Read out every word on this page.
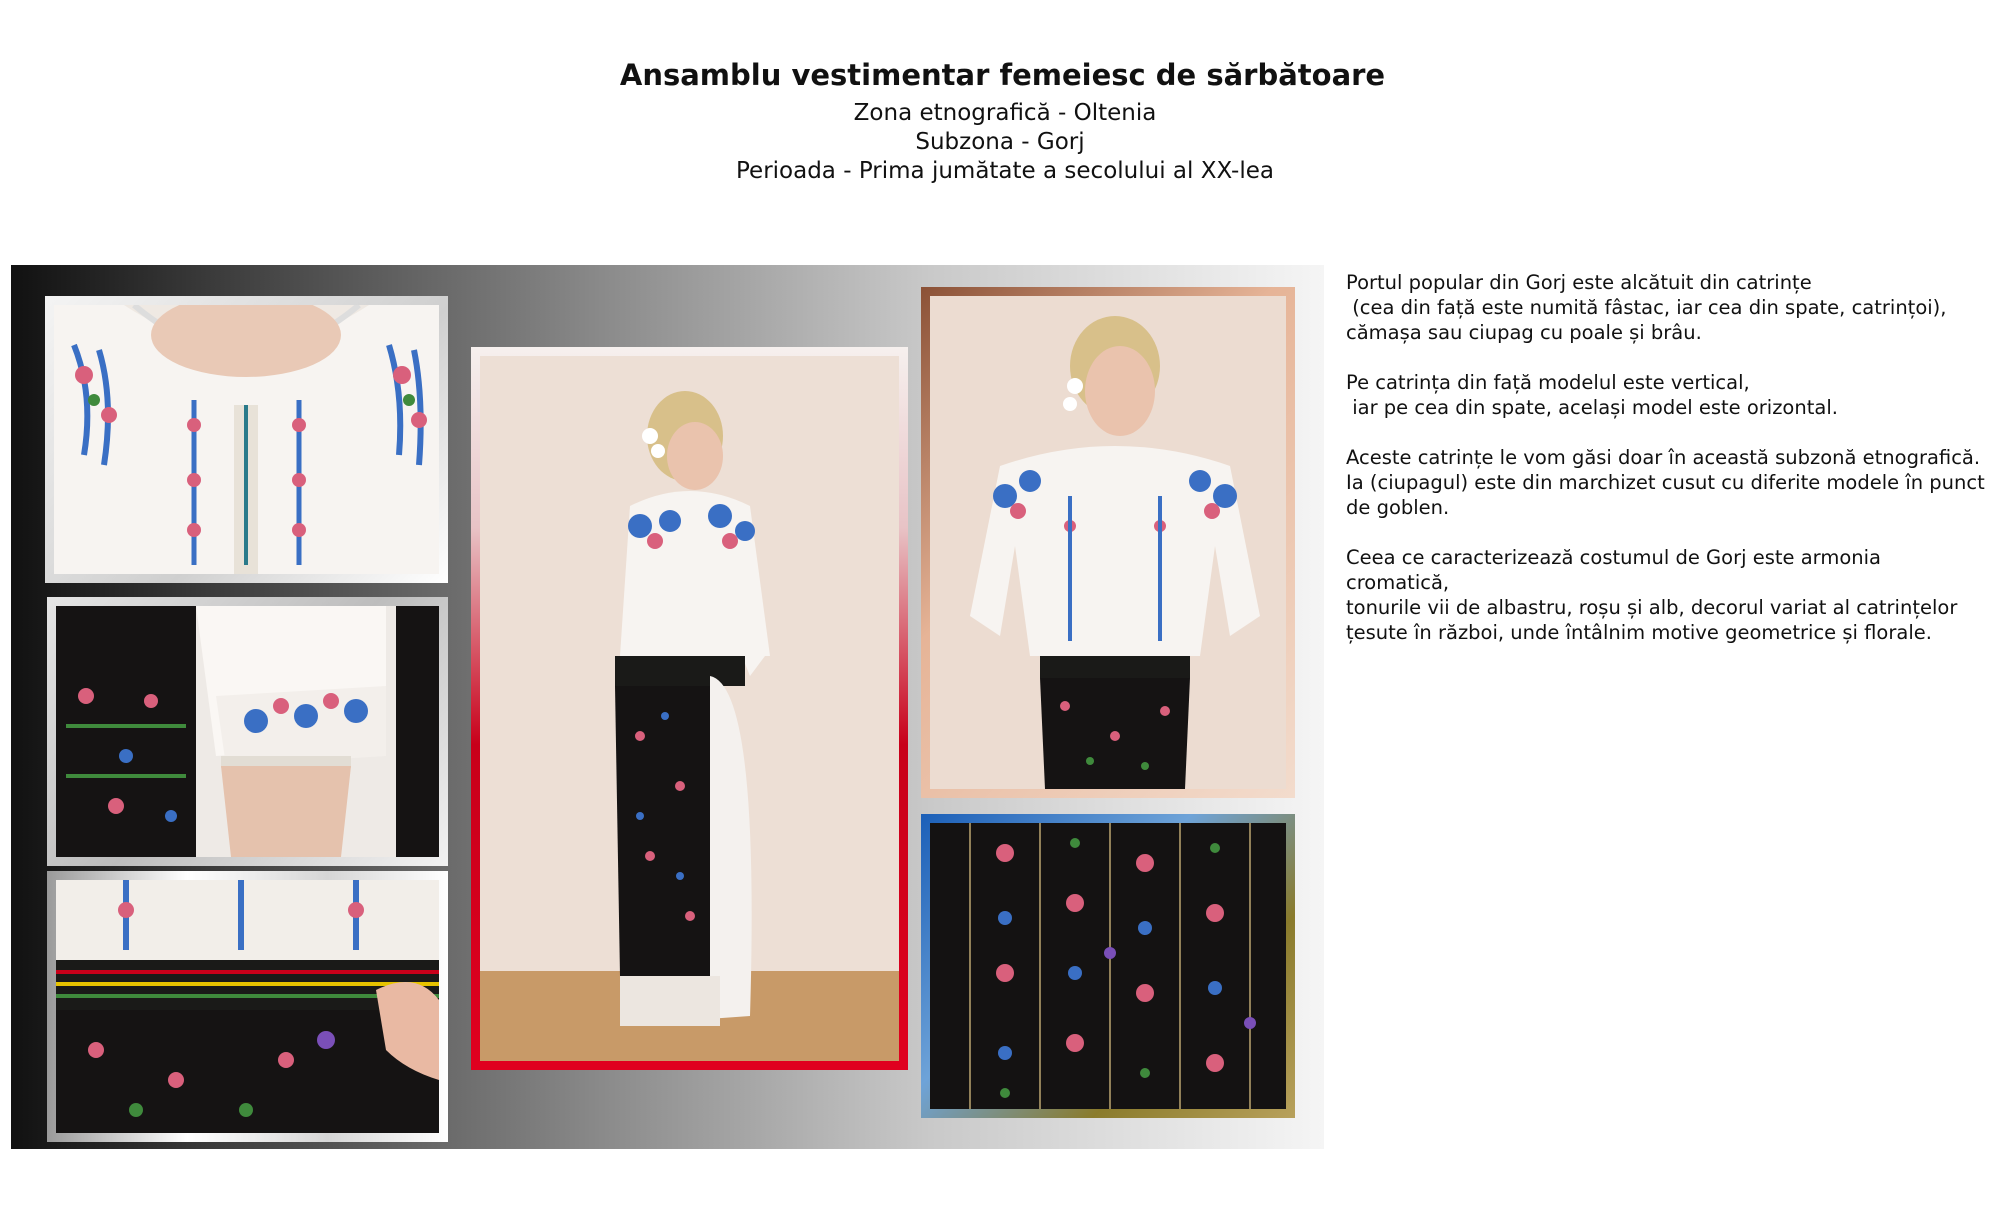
Ansamblu vestimentar femeiesc de sărbătoare
Zona etnografică - Oltenia
Subzona - Gorj
Perioada - Prima jumătate a secolului al XX-lea

Portul popular din Gorj este alcătuit din catrințe
(cea din față este numită fâstac, iar cea din spate, catrințoi),
cămașa sau ciupag cu poale și brâu.

Pe catrința din față modelul este vertical,
iar pe cea din spate, același model este orizontal.

Aceste catrințe le vom găsi doar în această subzonă etnografică.
Ia (ciupagul) este din marchizet cusut cu diferite modele în punct
de goblen.

Ceea ce caracterizează costumul de Gorj este armonia cromatică,
tonurile vii de albastru, roșu și alb, decorul variat al catrințelor
țesute în război, unde întâlnim motive geometrice și florale.
